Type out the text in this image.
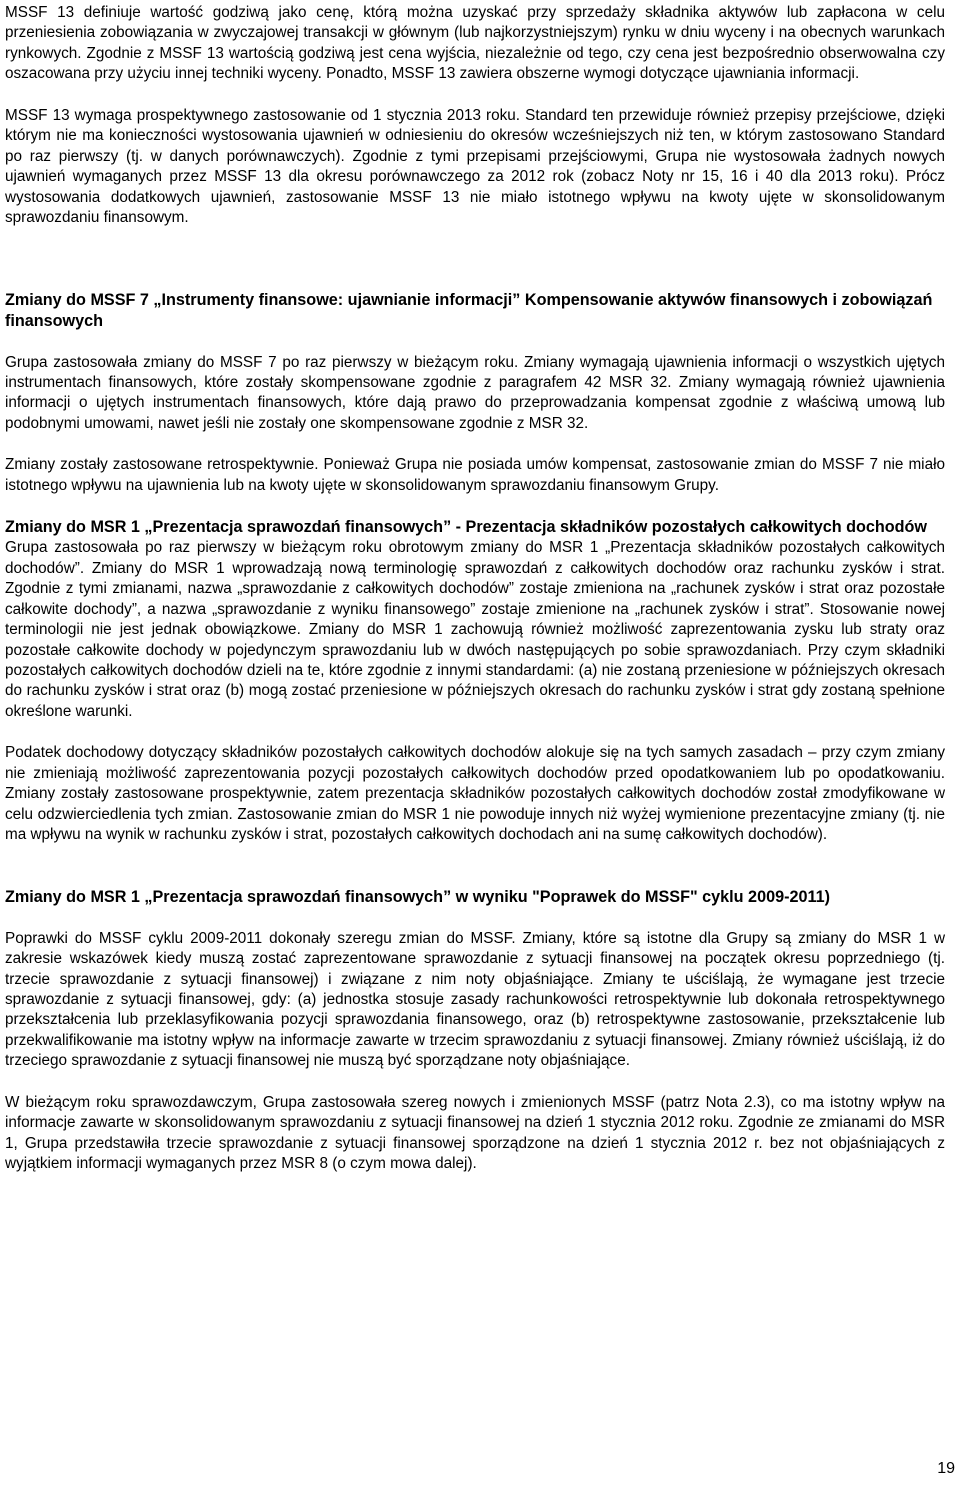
MSSF 13 definiuje wartość godziwą jako cenę, którą można uzyskać przy sprzedaży składnika aktywów lub zapłacona w celu przeniesienia zobowiązania w zwyczajowej transakcji w głównym (lub najkorzystniejszym) rynku w dniu wyceny i na obecnych warunkach rynkowych. Zgodnie z MSSF 13 wartością godziwą jest cena wyjścia, niezależnie od tego, czy cena jest bezpośrednio obserwowalna czy oszacowana przy użyciu innej techniki wyceny. Ponadto, MSSF 13 zawiera obszerne wymogi dotyczące ujawniania informacji.

MSSF 13 wymaga prospektywnego zastosowanie od 1 stycznia 2013 roku. Standard ten przewiduje również przepisy przejściowe, dzięki którym nie ma konieczności wystosowania ujawnień w odniesieniu do okresów wcześniejszych niż ten, w którym zastosowano Standard po raz pierwszy (tj. w danych porównawczych). Zgodnie z tymi przepisami przejściowymi, Grupa nie wystosowała żadnych nowych ujawnień wymaganych przez MSSF 13 dla okresu porównawczego za 2012 rok (zobacz Noty nr 15, 16 i 40 dla 2013 roku). Prócz wystosowania dodatkowych ujawnień, zastosowanie MSSF 13 nie miało istotnego wpływu na kwoty ujęte w skonsolidowanym sprawozdaniu finansowym.

Zmiany do MSSF 7 „Instrumenty finansowe: ujawnianie informacji” Kompensowanie aktywów finansowych i zobowiązań finansowych

Grupa zastosowała zmiany do MSSF 7 po raz pierwszy w bieżącym roku. Zmiany wymagają ujawnienia informacji o wszystkich ujętych instrumentach finansowych, które zostały skompensowane zgodnie z paragrafem 42 MSR 32. Zmiany wymagają również ujawnienia informacji o ujętych instrumentach finansowych, które dają prawo do przeprowadzania kompensat zgodnie z właściwą umową lub podobnymi umowami, nawet jeśli nie zostały one skompensowane zgodnie z MSR 32.

Zmiany zostały zastosowane retrospektywnie. Ponieważ Grupa nie posiada umów kompensat, zastosowanie zmian do MSSF 7 nie miało istotnego wpływu na ujawnienia lub na kwoty ujęte w skonsolidowanym sprawozdaniu finansowym Grupy.

Zmiany do MSR 1 „Prezentacja sprawozdań finansowych” - Prezentacja składników pozostałych całkowitych dochodów

Grupa zastosowała po raz pierwszy w bieżącym roku obrotowym zmiany do MSR 1 „Prezentacja składników pozostałych całkowitych dochodów”. Zmiany do MSR 1 wprowadzają nową terminologię sprawozdań z całkowitych dochodów oraz rachunku zysków i strat. Zgodnie z tymi zmianami, nazwa „sprawozdanie z całkowitych dochodów” zostaje zmieniona na „rachunek zysków i strat oraz pozostałe całkowite dochody”, a nazwa „sprawozdanie z wyniku finansowego” zostaje zmienione na „rachunek zysków i strat”. Stosowanie nowej terminologii nie jest jednak obowiązkowe. Zmiany do MSR 1 zachowują również możliwość zaprezentowania zysku lub straty oraz pozostałe całkowite dochody w pojedynczym sprawozdaniu lub w dwóch następujących po sobie sprawozdaniach. Przy czym składniki pozostałych całkowitych dochodów dzieli na te, które zgodnie z innymi standardami: (a) nie zostaną przeniesione w późniejszych okresach do rachunku zysków i strat oraz (b) mogą zostać przeniesione w późniejszych okresach do rachunku zysków i strat gdy zostaną spełnione określone warunki.

Podatek dochodowy dotyczący składników pozostałych całkowitych dochodów alokuje się na tych samych zasadach – przy czym zmiany nie zmieniają możliwość zaprezentowania pozycji pozostałych całkowitych dochodów przed opodatkowaniem lub po opodatkowaniu. Zmiany zostały zastosowane prospektywnie, zatem prezentacja składników pozostałych całkowitych dochodów został zmodyfikowane w celu odzwierciedlenia tych zmian. Zastosowanie zmian do MSR 1 nie powoduje innych niż wyżej wymienione prezentacyjne zmiany (tj. nie ma wpływu na wynik w rachunku zysków i strat, pozostałych całkowitych dochodach ani na sumę całkowitych dochodów).

Zmiany do MSR 1 „Prezentacja sprawozdań finansowych” w wyniku "Poprawek do MSSF" cyklu 2009-2011)

Poprawki do MSSF cyklu 2009-2011 dokonały szeregu zmian do MSSF. Zmiany, które są istotne dla Grupy są zmiany do MSR 1 w zakresie wskazówek kiedy muszą zostać zaprezentowane sprawozdanie z sytuacji finansowej na początek okresu poprzedniego (tj. trzecie sprawozdanie z sytuacji finansowej) i związane z nim noty objaśniające. Zmiany te uściślają, że wymagane jest trzecie sprawozdanie z sytuacji finansowej, gdy: (a) jednostka stosuje zasady rachunkowości retrospektywnie lub dokonała retrospektywnego przekształcenia lub przeklasyfikowania pozycji sprawozdania finansowego, oraz (b) retrospektywne zastosowanie, przekształcenie lub przekwalifikowanie ma istotny wpływ na informacje zawarte w trzecim sprawozdaniu z sytuacji finansowej. Zmiany również uściślają, iż do trzeciego sprawozdanie z sytuacji finansowej nie muszą być sporządzane noty objaśniające.

W bieżącym roku sprawozdawczym, Grupa zastosowała szereg nowych i zmienionych MSSF (patrz Nota 2.3), co ma istotny wpływ na informacje zawarte w skonsolidowanym sprawozdaniu z sytuacji finansowej na dzień 1 stycznia 2012 roku. Zgodnie ze zmianami do MSR 1, Grupa przedstawiła trzecie sprawozdanie z sytuacji finansowej sporządzone na dzień 1 stycznia 2012 r. bez not objaśniających z wyjątkiem informacji wymaganych przez MSR 8 (o czym mowa dalej).

19
